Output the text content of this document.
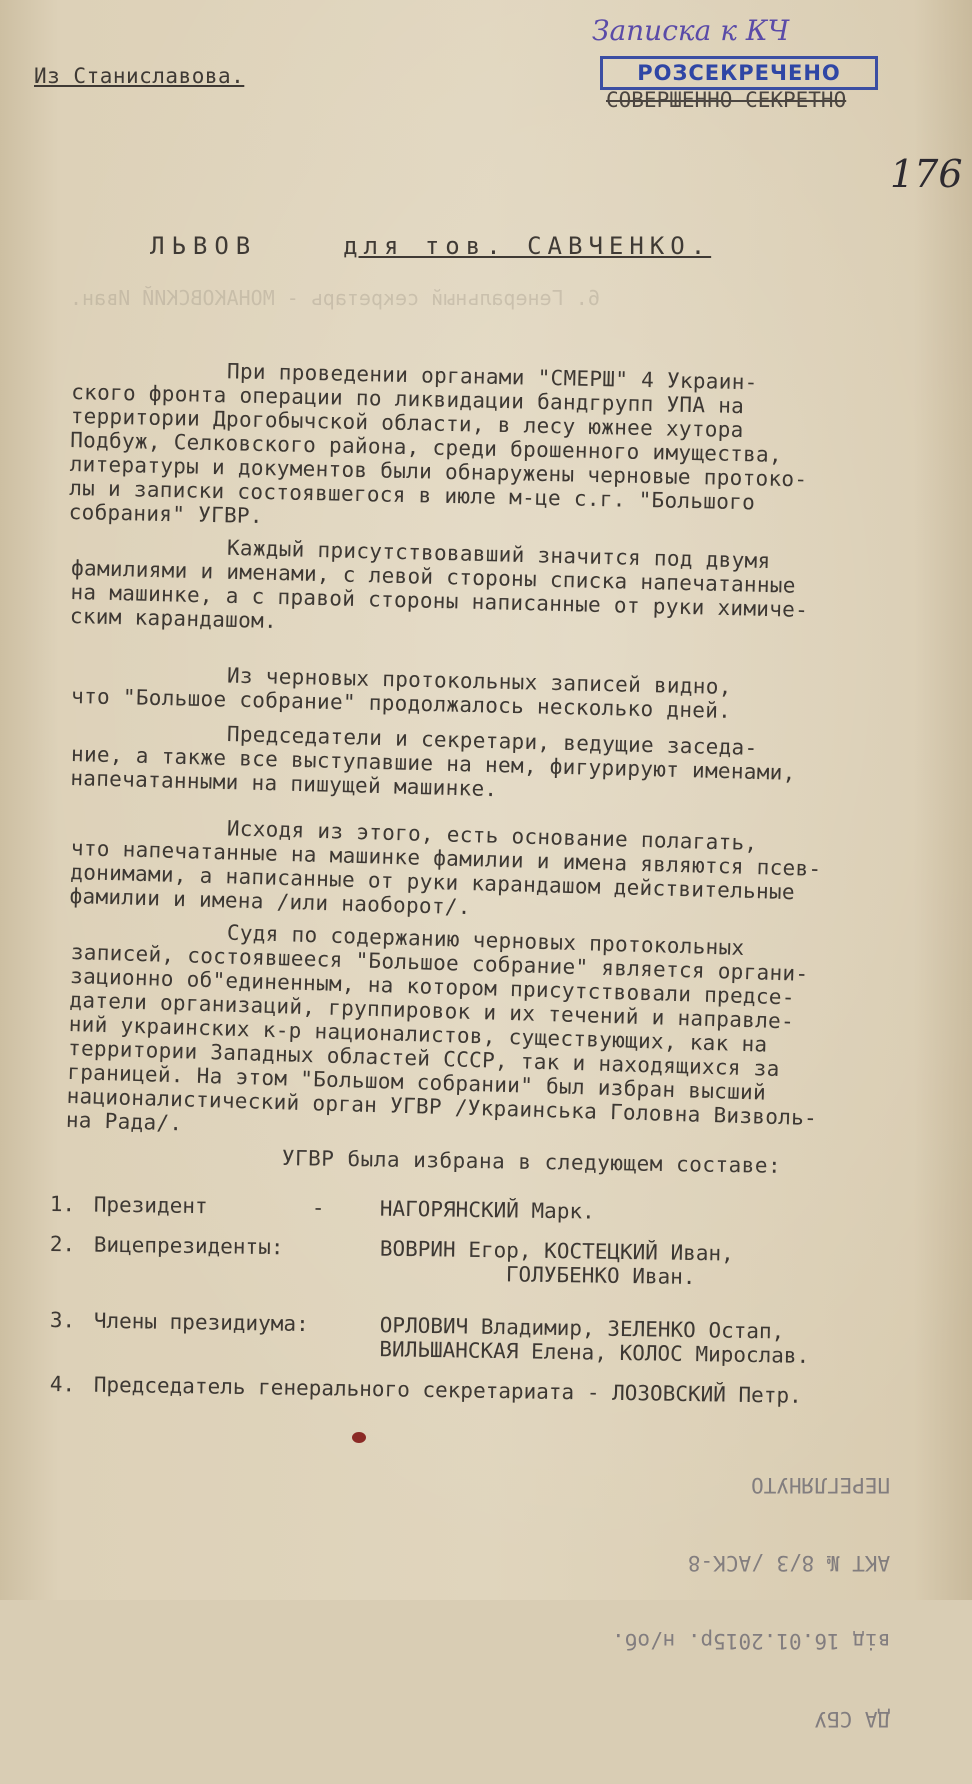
6. Генеральный секретарь - МОНАКОВСКИЙ Иван.
Из Станиславова.
Записка к КЧ
РОЗСЕКРЕЧЕНО
СОВЕРШЕННО СЕКРЕТНО
176
ЛЬВОВ	для тов. САВЧЕНКО.
При проведении органами "СМЕРШ" 4 Украин-
ского фронта операции по ликвидации бандгрупп УПА на
территории Дрогобычской области, в лесу южнее хутора
Подбуж, Селковского района, среди брошенного имущества,
литературы и документов были обнаружены черновые протоко-
лы и записки состоявшегося в июле м-це с.г. "Большого
собрания" УГВР.
Каждый присутствовавший значится под двумя
фамилиями и именами, с левой стороны списка напечатанные
на машинке, а с правой стороны написанные от руки химиче-
ским карандашом.
Из черновых протокольных записей видно,
что "Большое собрание" продолжалось несколько дней.
Председатели и секретари, ведущие заседа-
ние, а также все выступавшие на нем, фигурируют именами,
напечатанными на пишущей машинке.
Исходя из этого, есть основание полагать,
что напечатанные на машинке фамилии и имена являются псев-
донимами, а написанные от руки карандашом действительные
фамилии и имена /или наоборот/.
Судя по содержанию черновых протокольных
записей, состоявшееся "Большое собрание" является органи-
зационно об"единенным, на котором присутствовали предсе-
датели организаций, группировок и их течений и направле-
ний украинских к-р националистов, существующих, как на
территории Западных областей СССР, так и находящихся за
границей. На этом "Большом собрании" был избран высший
националистический орган УГВР /Украинська Головна Визволь-
на Рада/.
УГВР была избрана в следующем составе:
1. Президент	-	НАГОРЯНСКИЙ Марк.
2. Вицепрезиденты:	ВОВРИН Егор, КОСТЕЦКИЙ Иван,
ГОЛУБЕНКО Иван.
3. Члены президиума:	ОРЛОВИЧ Владимир, ЗЕЛЕНКО Остап,
ВИЛЬШАНСКАЯ Елена, КОЛОС Мирослав.
4. Председатель генерального секретариата - ЛОЗОВСКИЙ Петр.

ДА СБУ

від 16.01.2015р. н/об.

АКТ № 8/3 /АСК-8

ПЕРЕГЛЯНУТО
